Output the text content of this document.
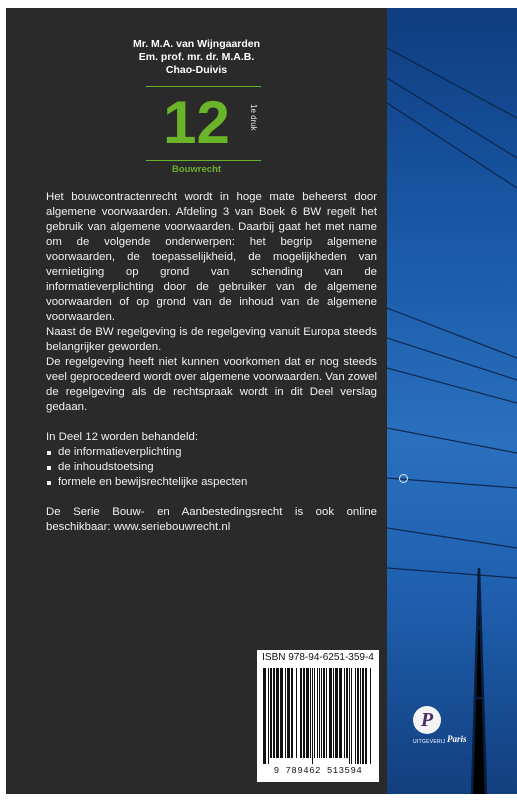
Mr. M.A. van Wijngaarden
Em. prof. mr. dr. M.A.B.
Chao-Duivis
12	1e druk
Bouwrecht

Het bouwcontractenrecht wordt in hoge mate beheerst door algemene voorwaarden. Afdeling 3 van Boek 6 BW regelt het gebruik van algemene voorwaarden. Daarbij gaat het met name om de volgende onderwerpen: het begrip algemene voorwaarden, de toepasselijkheid, de mogelijkheden van vernietiging op grond van schending van de informatieverplichting door de gebruiker van de algemene voorwaarden of op grond van de inhoud van de algemene voorwaarden.

Naast de BW regelgeving is de regelgeving vanuit Europa steeds belangrijker geworden.

De regelgeving heeft niet kunnen voorkomen dat er nog steeds veel geprocedeerd wordt over algemene voorwaarden. Van zowel de regelgeving als de rechtspraak wordt in dit Deel verslag gedaan.

In Deel 12 worden behandeld:

de informatieverplichting
de inhoudstoetsing
formele en bewijsrechtelijke aspecten

De Serie Bouw- en Aanbestedingsrecht is ook online beschikbaar: www.seriebouwrecht.nl

ISBN 978-94-6251-359-4
9 789462 513594
P
UITGEVERIJ Paris
